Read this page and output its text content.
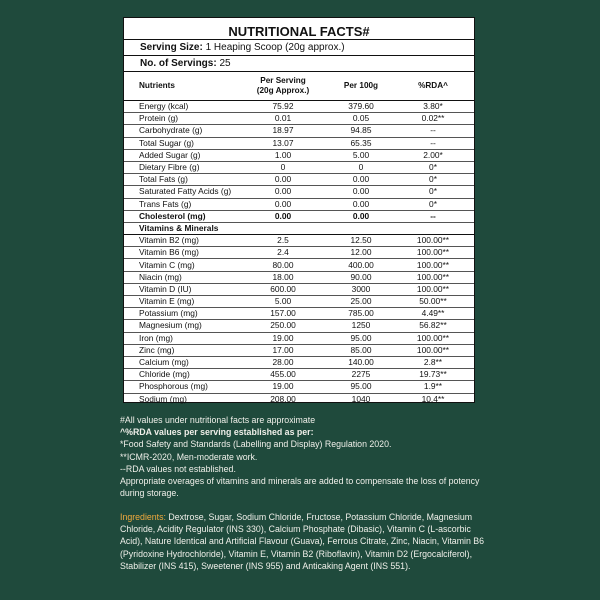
NUTRITIONAL FACTS#
Serving Size: 1 Heaping Scoop (20g approx.)
No. of Servings: 25
Nutrients	Per Serving (20g Approx.)	Per 100g	%RDA^
Energy (kcal)	75.92	379.60	3.80*
Protein (g)	0.01	0.05	0.02**
Carbohydrate (g)	18.97	94.85	--
Total Sugar (g)	13.07	65.35	--
Added Sugar (g)	1.00	5.00	2.00*
Dietary Fibre (g)	0	0	0*
Total Fats (g)	0.00	0.00	0*
Saturated Fatty Acids (g)	0.00	0.00	0*
Trans Fats (g)	0.00	0.00	0*
Cholesterol (mg)	0.00	0.00	--
Vitamins & Minerals			
Vitamin B2 (mg)	2.5	12.50	100.00**
Vitamin B6 (mg)	2.4	12.00	100.00**
Vitamin C (mg)	80.00	400.00	100.00**
Niacin (mg)	18.00	90.00	100.00**
Vitamin D (IU)	600.00	3000	100.00**
Vitamin E (mg)	5.00	25.00	50.00**
Potassium (mg)	157.00	785.00	4.49**
Magnesium (mg)	250.00	1250	56.82**
Iron (mg)	19.00	95.00	100.00**
Zinc (mg)	17.00	85.00	100.00**
Calcium (mg)	28.00	140.00	2.8**
Chloride (mg)	455.00	2275	19.73**
Phosphorous (mg)	19.00	95.00	1.9**
Sodium (mg)	208.00	1040	10.4**

#All values under nutritional facts are approximate

^%RDA values per serving established as per:

*Food Safety and Standards (Labelling and Display) Regulation 2020.

**ICMR-2020, Men-moderate work.

--RDA values not established.

Appropriate overages of vitamins and minerals are added to compensate the loss of potency during storage.

Ingredients: Dextrose, Sugar, Sodium Chloride, Fructose, Potassium Chloride, Magnesium Chloride, Acidity Regulator (INS 330), Calcium Phosphate (Dibasic), Vitamin C (L-ascorbic Acid), Nature Identical and Artificial Flavour (Guava), Ferrous Citrate, Zinc, Niacin, Vitamin B6 (Pyridoxine Hydrochloride), Vitamin E, Vitamin B2 (Riboflavin), Vitamin D2 (Ergocalciferol), Stabilizer (INS 415), Sweetener (INS 955) and Anticaking Agent (INS 551).
